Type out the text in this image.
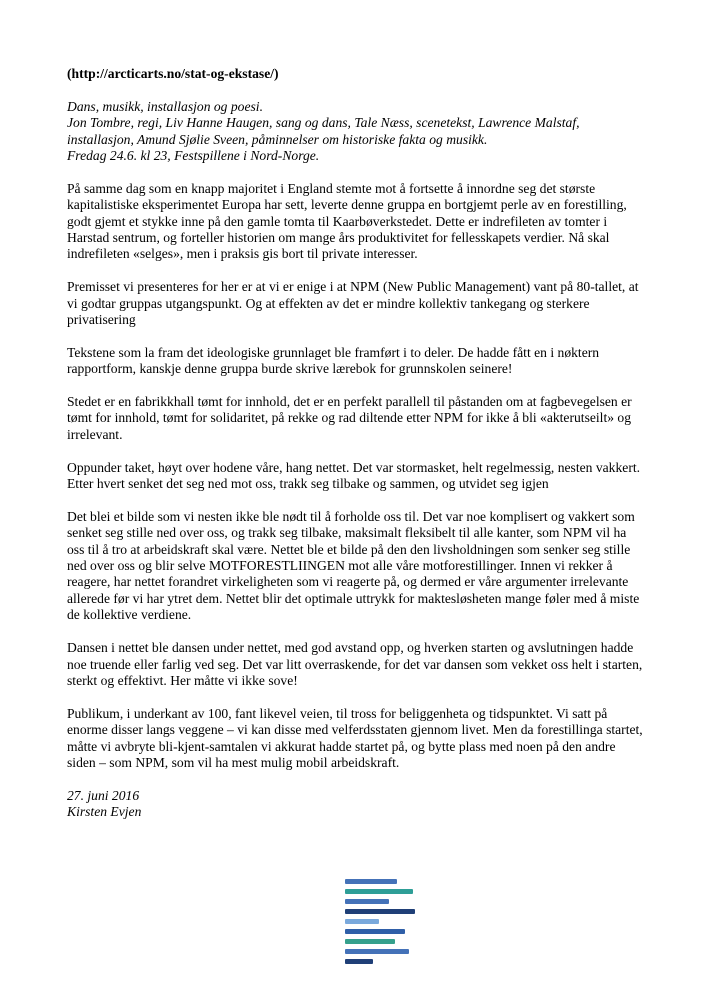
(http://arcticarts.no/stat-og-ekstase/)

Dans, musikk, installasjon og poesi.
Jon Tombre, regi, Liv Hanne Haugen, sang og dans, Tale Næss, scenetekst, Lawrence Malstaf, installasjon, Amund Sjølie Sveen, påminnelser om historiske fakta og musikk.
Fredag 24.6. kl 23, Festspillene i Nord-Norge.

På samme dag som en knapp majoritet i England stemte mot å fortsette å innordne seg det største kapitalistiske eksperimentet Europa har sett, leverte denne gruppa en bortgjemt perle av en forestilling, godt gjemt et stykke inne på den gamle tomta til Kaarbøverkstedet. Dette er indrefileten av tomter i Harstad sentrum, og forteller historien om mange års produktivitet for fellesskapets verdier. Nå skal indrefileten «selges», men i praksis gis bort til private interesser.

Premisset vi presenteres for her er at vi er enige i at NPM (New Public Management) vant på 80-tallet, at vi godtar gruppas utgangspunkt. Og at effekten av det er mindre kollektiv tankegang og sterkere privatisering

Tekstene som la fram det ideologiske grunnlaget ble framført i to deler. De hadde fått en i nøktern rapportform, kanskje denne gruppa burde skrive lærebok for grunnskolen seinere!

Stedet er en fabrikkhall tømt for innhold, det er en perfekt parallell til påstanden om at fagbevegelsen er tømt for innhold, tømt for solidaritet, på rekke og rad diltende etter NPM for ikke å bli «akterutseilt» og irrelevant.

Oppunder taket, høyt over hodene våre, hang nettet. Det var stormasket, helt regelmessig, nesten vakkert. Etter hvert senket det seg ned mot oss, trakk seg tilbake og sammen, og utvidet seg igjen

Det blei et bilde som vi nesten ikke ble nødt til å forholde oss til. Det var noe komplisert og vakkert som senket seg stille ned over oss, og trakk seg tilbake, maksimalt fleksibelt til alle kanter, som NPM vil ha oss til å tro at arbeidskraft skal være. Nettet ble et bilde på den den livsholdningen som senker seg stille ned over oss og blir selve MOTFORESTLIINGEN mot alle våre motforestillinger. Innen vi rekker å reagere, har nettet forandret virkeligheten som vi reagerte på, og dermed er våre argumenter irrelevante allerede før vi har ytret dem. Nettet blir det optimale uttrykk for maktesløsheten mange føler med å miste de kollektive verdiene.

Dansen i nettet ble dansen under nettet, med god avstand opp, og hverken starten og avslutningen hadde noe truende eller farlig ved seg. Det var litt overraskende, for det var dansen som vekket oss helt i starten, sterkt og effektivt. Her måtte vi ikke sove!

Publikum, i underkant av 100, fant likevel veien, til tross for beliggenheta og tidspunktet. Vi satt på enorme disser langs veggene – vi kan disse med velferdsstaten gjennom livet. Men da forestillinga startet, måtte vi avbryte bli-kjent-samtalen vi akkurat hadde startet på, og bytte plass med noen på den andre siden – som NPM, som vil ha mest mulig mobil arbeidskraft.

27. juni 2016
Kirsten Evjen
